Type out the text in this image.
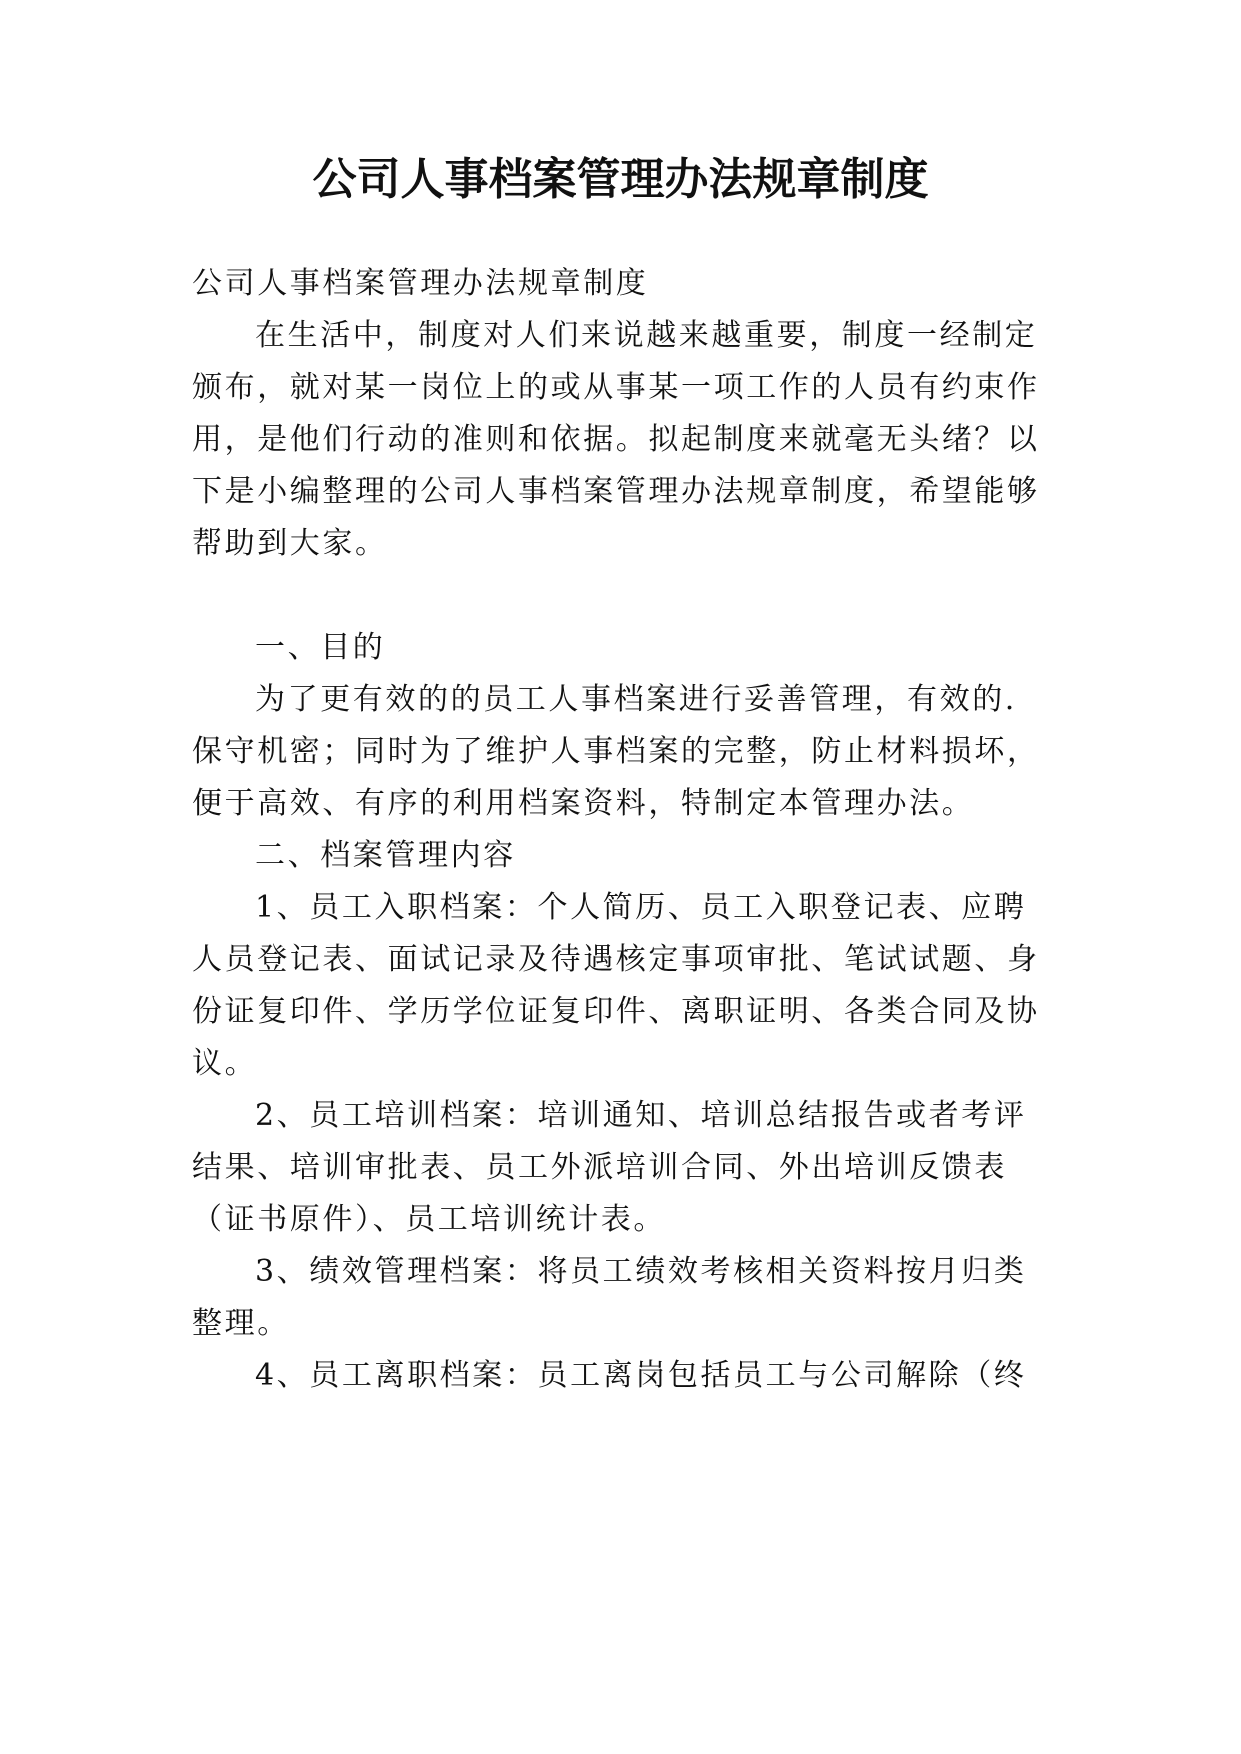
公司人事档案管理办法规章制度
公司人事档案管理办法规章制度
在生活中，制度对人们来说越来越重要，制度一经制定
颁布，就对某一岗位上的或从事某一项工作的人员有约束作
用，是他们行动的准则和依据。拟起制度来就毫无头绪？以
下是小编整理的公司人事档案管理办法规章制度，希望能够
帮助到大家。
一、目的
为了更有效的的员工人事档案进行妥善管理，有效的.
保守机密；同时为了维护人事档案的完整，防止材料损坏，
便于高效、有序的利用档案资料，特制定本管理办法。
二、档案管理内容
1、员工入职档案：个人简历、员工入职登记表、应聘
人员登记表、面试记录及待遇核定事项审批、笔试试题、身
份证复印件、学历学位证复印件、离职证明、各类合同及协
议。
2、员工培训档案：培训通知、培训总结报告或者考评
结果、培训审批表、员工外派培训合同、外出培训反馈表
（证书原件）、员工培训统计表。
3、绩效管理档案：将员工绩效考核相关资料按月归类
整理。
4、员工离职档案：员工离岗包括员工与公司解除（终
